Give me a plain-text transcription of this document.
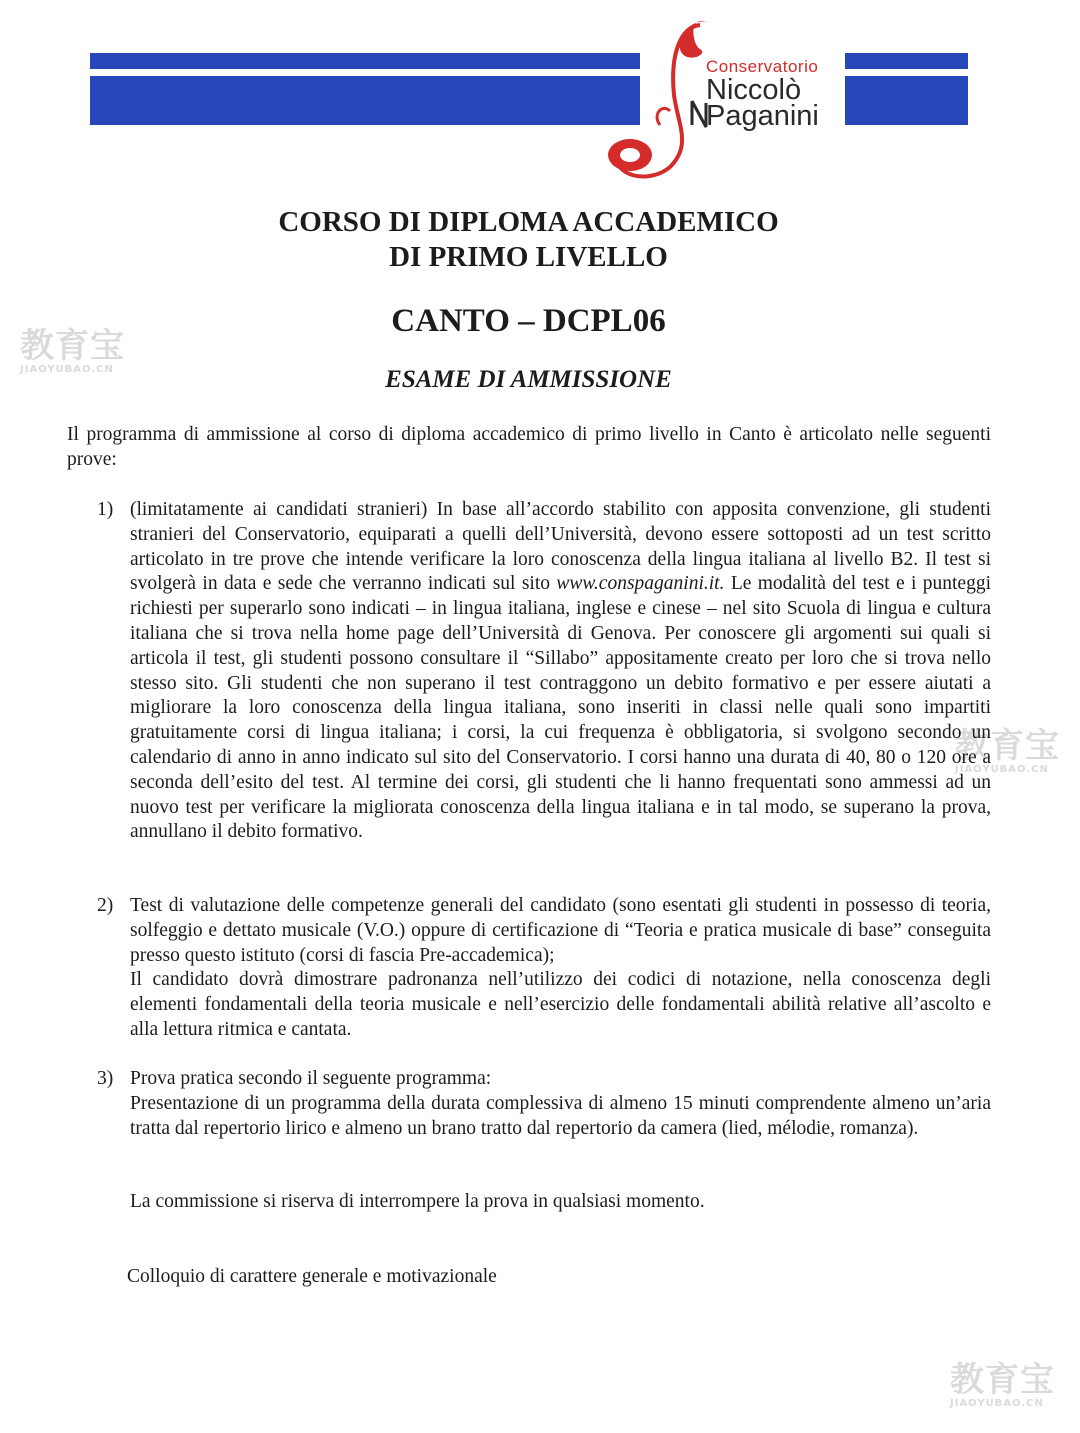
Conservatorio
Niccolò
Paganini
教育宝
JIAOYUBAO.CN
教育宝
JIAOYUBAO.CN
教育宝
JIAOYUBAO.CN
CORSO DI DIPLOMA ACCADEMICO
DI PRIMO LIVELLO
CANTO – DCPL06
ESAME DI AMMISSIONE
Il programma di ammissione al corso di diploma accademico di primo livello in Canto è articolato nelle seguenti prove:
1) (limitatamente ai candidati stranieri) In base all’accordo stabilito con apposita convenzione, gli studenti stranieri del Conservatorio, equiparati a quelli dell’Università, devono essere sottoposti ad un test scritto articolato in tre prove che intende verificare la loro conoscenza della lingua italiana al livello B2. Il test si svolgerà in data e sede che verranno indicati sul sito www.conspaganini.it. Le modalità del test e i punteggi richiesti per superarlo sono indicati – in lingua italiana, inglese e cinese – nel sito Scuola di lingua e cultura italiana che si trova nella home page dell’Università di Genova. Per conoscere gli argomenti sui quali si articola il test, gli studenti possono consultare il “Sillabo” appositamente creato per loro che si trova nello stesso sito. Gli studenti che non superano il test contraggono un debito formativo e per essere aiutati a migliorare la loro conoscenza della lingua italiana, sono inseriti in classi nelle quali sono impartiti gratuitamente corsi di lingua italiana; i corsi, la cui frequenza è obbligatoria, si svolgono secondo un calendario di anno in anno indicato sul sito del Conservatorio. I corsi hanno una durata di 40, 80 o 120 ore a seconda dell’esito del test. Al termine dei corsi, gli studenti che li hanno frequentati sono ammessi ad un nuovo test per verificare la migliorata conoscenza della lingua italiana e in tal modo, se superano la prova, annullano il debito formativo.
2) Test di valutazione delle competenze generali del candidato (sono esentati gli studenti in possesso di teoria, solfeggio e dettato musicale (V.O.) oppure di certificazione di “Teoria e pratica musicale di base” conseguita presso questo istituto (corsi di fascia Pre-accademica);
Il candidato dovrà dimostrare padronanza nell’utilizzo dei codici di notazione, nella conoscenza degli elementi fondamentali della teoria musicale e nell’esercizio delle fondamentali abilità relative all’ascolto e alla lettura ritmica e cantata.
3) Prova pratica secondo il seguente programma:
Presentazione di un programma della durata complessiva di almeno 15 minuti comprendente almeno un’aria tratta dal repertorio lirico e almeno un brano tratto dal repertorio da camera (lied, mélodie, romanza).
La commissione si riserva di interrompere la prova in qualsiasi momento.
Colloquio di carattere generale e motivazionale
